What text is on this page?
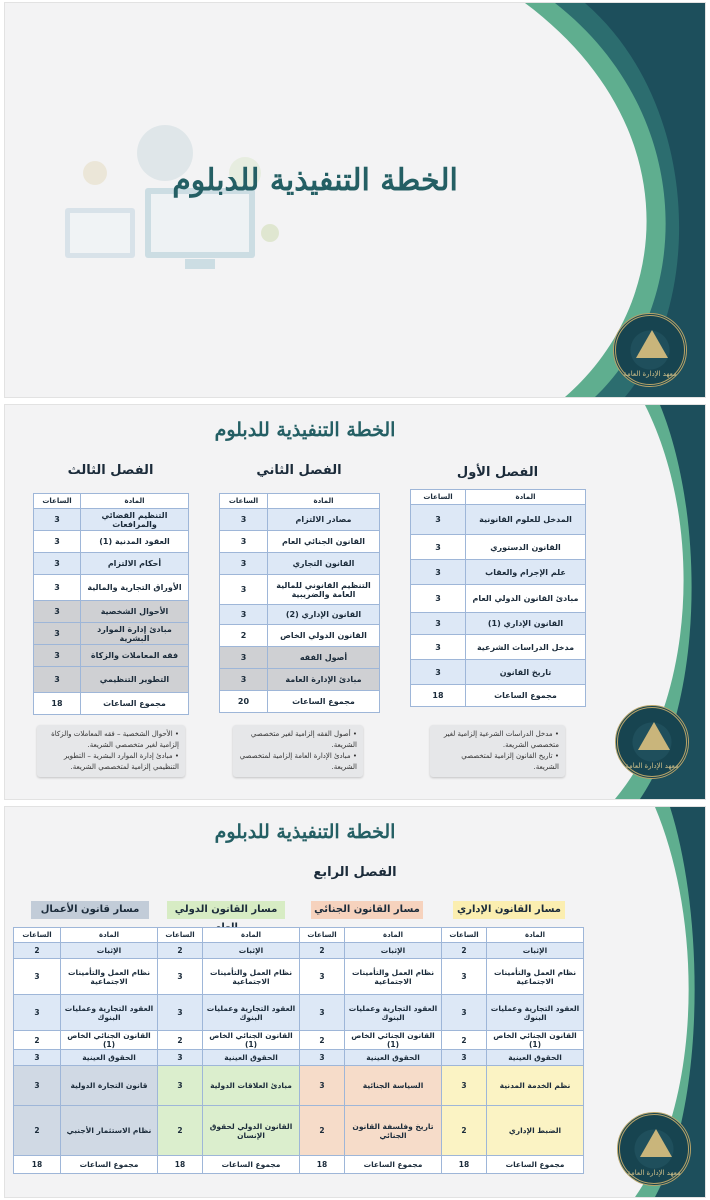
معهد الإدارة العامة
الخطة التنفيذية للدبلوم
معهد الإدارة العامة
الخطة التنفيذية للدبلوم
الفصل الأول
المادة	الساعات
المدخل للعلوم القانونية	3
القانون الدستوري	3
علم الإجرام والعقاب	3
مبادئ القانون الدولي العام	3
القانون الإداري (1)	3
مدخل الدراسات الشرعية	3
تاريخ القانون	3
مجموع الساعات	18
• مدخل الدراسات الشرعية إلزامية لغير متخصصي الشريعة.
• تاريخ القانون إلزامية لمتخصصي الشريعة.
الفصل الثاني
المادة	الساعات
مصادر الالتزام	3
القانون الجنائي العام	3
القانون التجاري	3
التنظيم القانوني للمالية العامة والضريبية	3
القانون الإداري (2)	3
القانون الدولي الخاص	2
أصول الفقه	3
مبادئ الإدارة العامة	3
مجموع الساعات	20
• أصول الفقه إلزامية لغير متخصصي الشريعة.
• مبادئ الإدارة العامة إلزامية لمتخصصي الشريعة.
الفصل الثالث
المادة	الساعات
التنظيم القضائي والمرافعات	3
العقود المدنية (1)	3
أحكام الالتزام	3
الأوراق التجارية والمالية	3
الأحوال الشخصية	3
مبادئ إدارة الموارد البشرية	3
فقه المعاملات والزكاة	3
التطوير التنظيمي	3
مجموع الساعات	18
• الأحوال الشخصية – فقه المعاملات والزكاة إلزامية لغير متخصصي الشريعة.
• مبادئ إدارة الموارد البشرية – التطوير التنظيمي إلزامية لمتخصصي الشريعة.
معهد الإدارة العامة
الخطة التنفيذية للدبلوم
الفصل الرابع
مسار القانون الإداري
مسار القانون الجنائي
مسار القانون الدولي
مسار قانون الأعمال
المادة	الساعات	المادة	الساعات	المادة	الساعات	المادة	الساعات
الإثبات	2	الإثبات	2	الإثبات	2	الإثبات	2
نظام العمل والتأمينات الاجتماعية	3	نظام العمل والتأمينات الاجتماعية	3	نظام العمل والتأمينات الاجتماعية	3	نظام العمل والتأمينات الاجتماعية	3
العقود التجارية وعمليات البنوك	3	العقود التجارية وعمليات البنوك	3	العقود التجارية وعمليات البنوك	3	العقود التجارية وعمليات البنوك	3
القانون الجنائي الخاص (1)	2	القانون الجنائي الخاص (1)	2	القانون الجنائي الخاص (1)	2	القانون الجنائي الخاص (1)	2
الحقوق العينية	3	الحقوق العينية	3	الحقوق العينية	3	الحقوق العينية	3
نظم الخدمة المدنية	3	السياسة الجنائية	3	مبادئ العلاقات الدولية	3	قانون التجارة الدولية	3
الضبط الإداري	2	تاريخ وفلسفة القانون الجنائي	2	القانون الدولي لحقوق الإنسان	2	نظام الاستثمار الأجنبي	2
مجموع الساعات	18	مجموع الساعات	18	مجموع الساعات	18	مجموع الساعات	18
